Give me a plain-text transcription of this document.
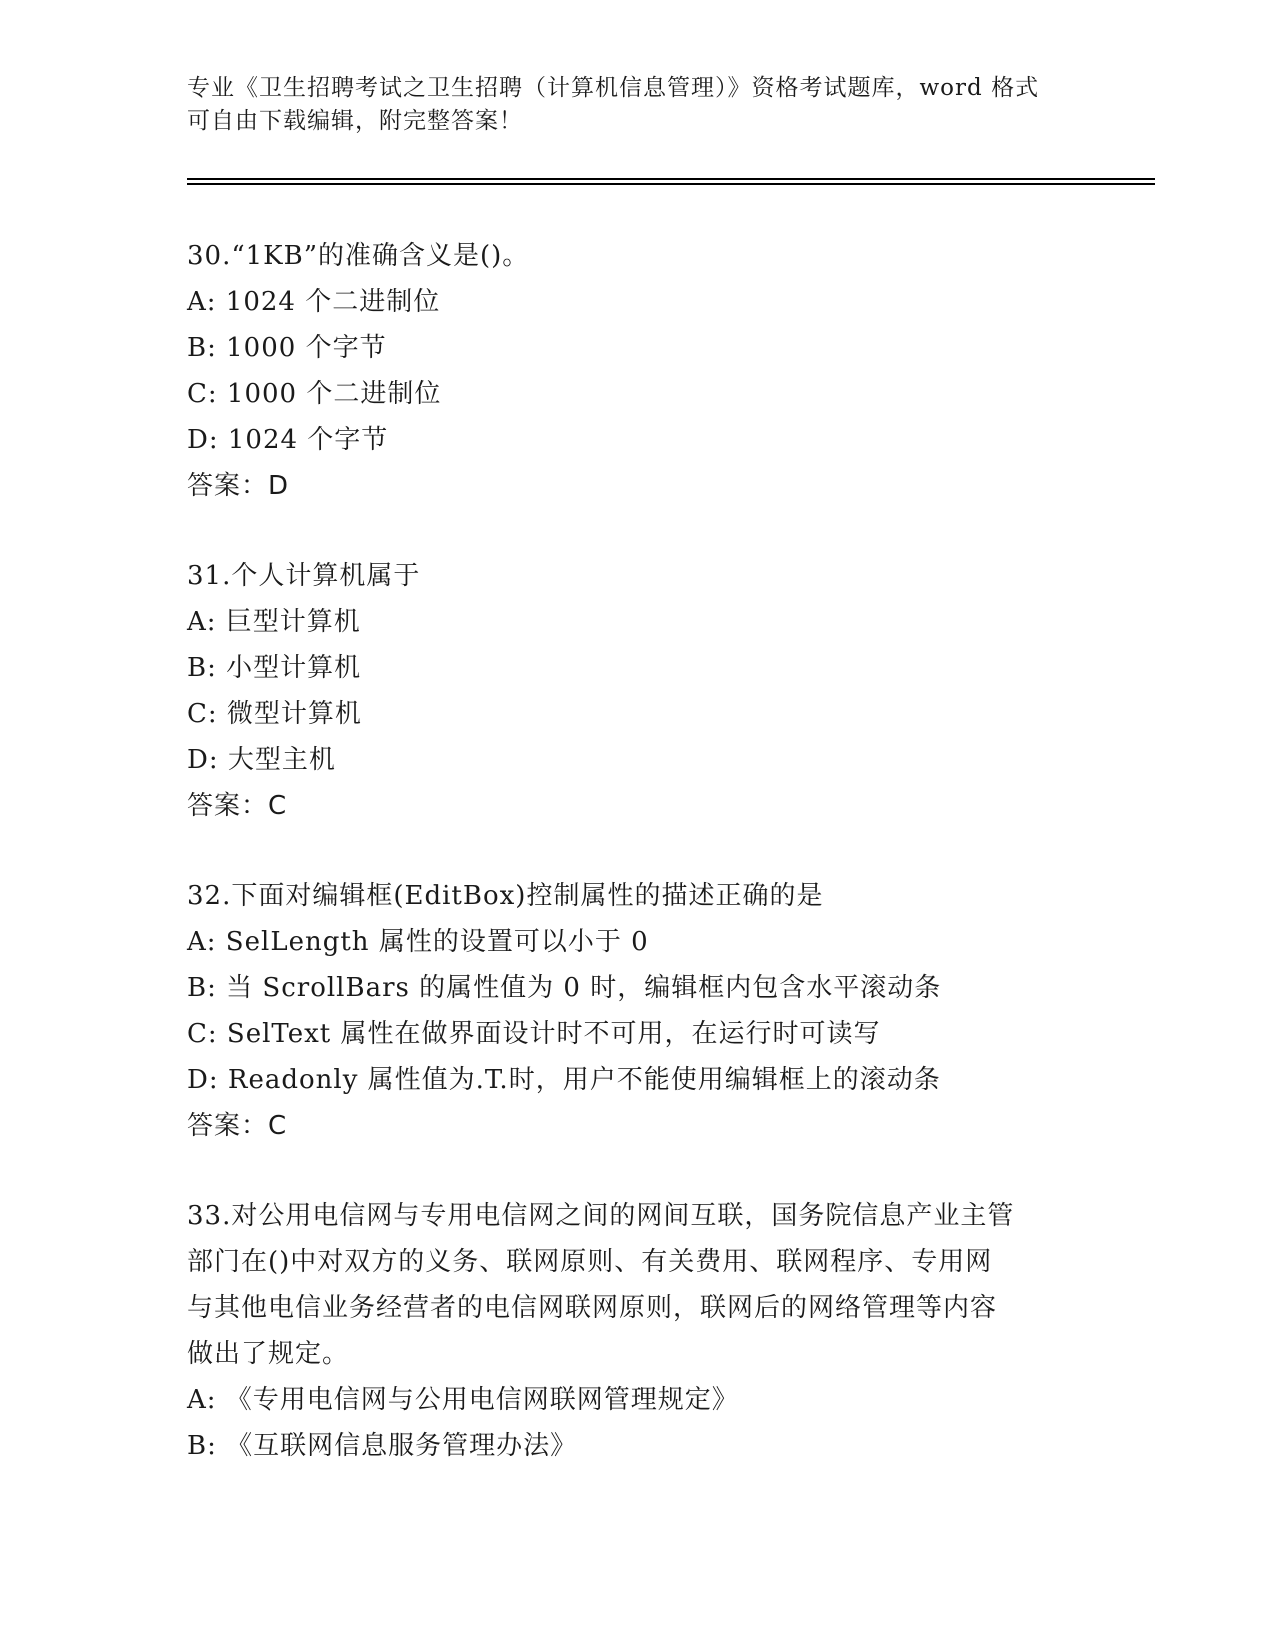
专业《卫生招聘考试之卫生招聘（计算机信息管理）》资格考试题库，word 格式
可自由下载编辑，附完整答案！

30.“1KB”的准确含义是()。

A: 1024 个二进制位

B: 1000 个字节

C: 1000 个二进制位

D: 1024 个字节

答案：D

31.个人计算机属于

A: 巨型计算机

B: 小型计算机

C: 微型计算机

D: 大型主机

答案：C

32.下面对编辑框(EditBox)控制属性的描述正确的是

A: SelLength 属性的设置可以小于 0

B: 当 ScrollBars 的属性值为 0 时，编辑框内包含水平滚动条

C: SelText 属性在做界面设计时不可用，在运行时可读写

D: Readonly 属性值为.T.时，用户不能使用编辑框上的滚动条

答案：C

33.对公用电信网与专用电信网之间的网间互联，国务院信息产业主管

部门在()中对双方的义务、联网原则、有关费用、联网程序、专用网

与其他电信业务经营者的电信网联网原则，联网后的网络管理等内容

做出了规定。

A: 《专用电信网与公用电信网联网管理规定》

B: 《互联网信息服务管理办法》
